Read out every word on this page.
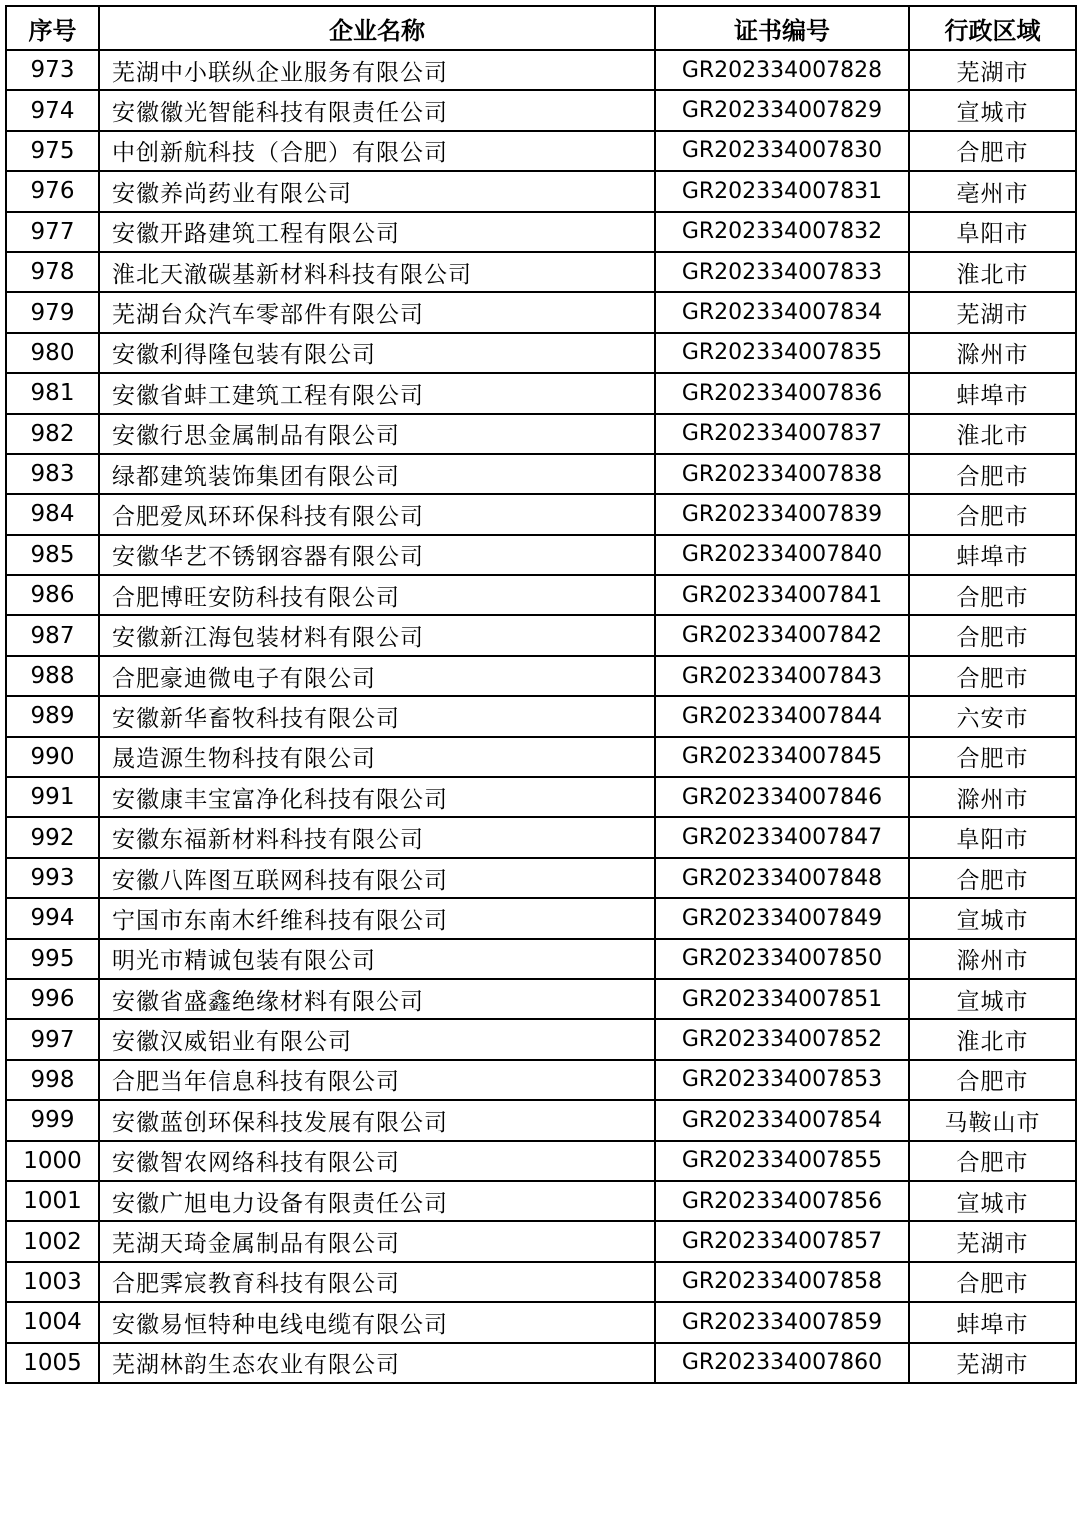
序号	企业名称	证书编号	行政区域
973	芜湖中小联纵企业服务有限公司	GR202334007828	芜湖市
974	安徽徽光智能科技有限责任公司	GR202334007829	宣城市
975	中创新航科技（合肥）有限公司	GR202334007830	合肥市
976	安徽养尚药业有限公司	GR202334007831	亳州市
977	安徽开路建筑工程有限公司	GR202334007832	阜阳市
978	淮北天澈碳基新材料科技有限公司	GR202334007833	淮北市
979	芜湖台众汽车零部件有限公司	GR202334007834	芜湖市
980	安徽利得隆包装有限公司	GR202334007835	滁州市
981	安徽省蚌工建筑工程有限公司	GR202334007836	蚌埠市
982	安徽行思金属制品有限公司	GR202334007837	淮北市
983	绿都建筑装饰集团有限公司	GR202334007838	合肥市
984	合肥爱凤环环保科技有限公司	GR202334007839	合肥市
985	安徽华艺不锈钢容器有限公司	GR202334007840	蚌埠市
986	合肥博旺安防科技有限公司	GR202334007841	合肥市
987	安徽新江海包装材料有限公司	GR202334007842	合肥市
988	合肥豪迪微电子有限公司	GR202334007843	合肥市
989	安徽新华畜牧科技有限公司	GR202334007844	六安市
990	晟造源生物科技有限公司	GR202334007845	合肥市
991	安徽康丰宝富净化科技有限公司	GR202334007846	滁州市
992	安徽东福新材料科技有限公司	GR202334007847	阜阳市
993	安徽八阵图互联网科技有限公司	GR202334007848	合肥市
994	宁国市东南木纤维科技有限公司	GR202334007849	宣城市
995	明光市精诚包装有限公司	GR202334007850	滁州市
996	安徽省盛鑫绝缘材料有限公司	GR202334007851	宣城市
997	安徽汉威铝业有限公司	GR202334007852	淮北市
998	合肥当年信息科技有限公司	GR202334007853	合肥市
999	安徽蓝创环保科技发展有限公司	GR202334007854	马鞍山市
1000	安徽智农网络科技有限公司	GR202334007855	合肥市
1001	安徽广旭电力设备有限责任公司	GR202334007856	宣城市
1002	芜湖天琦金属制品有限公司	GR202334007857	芜湖市
1003	合肥霁宸教育科技有限公司	GR202334007858	合肥市
1004	安徽易恒特种电线电缆有限公司	GR202334007859	蚌埠市
1005	芜湖林韵生态农业有限公司	GR202334007860	芜湖市
